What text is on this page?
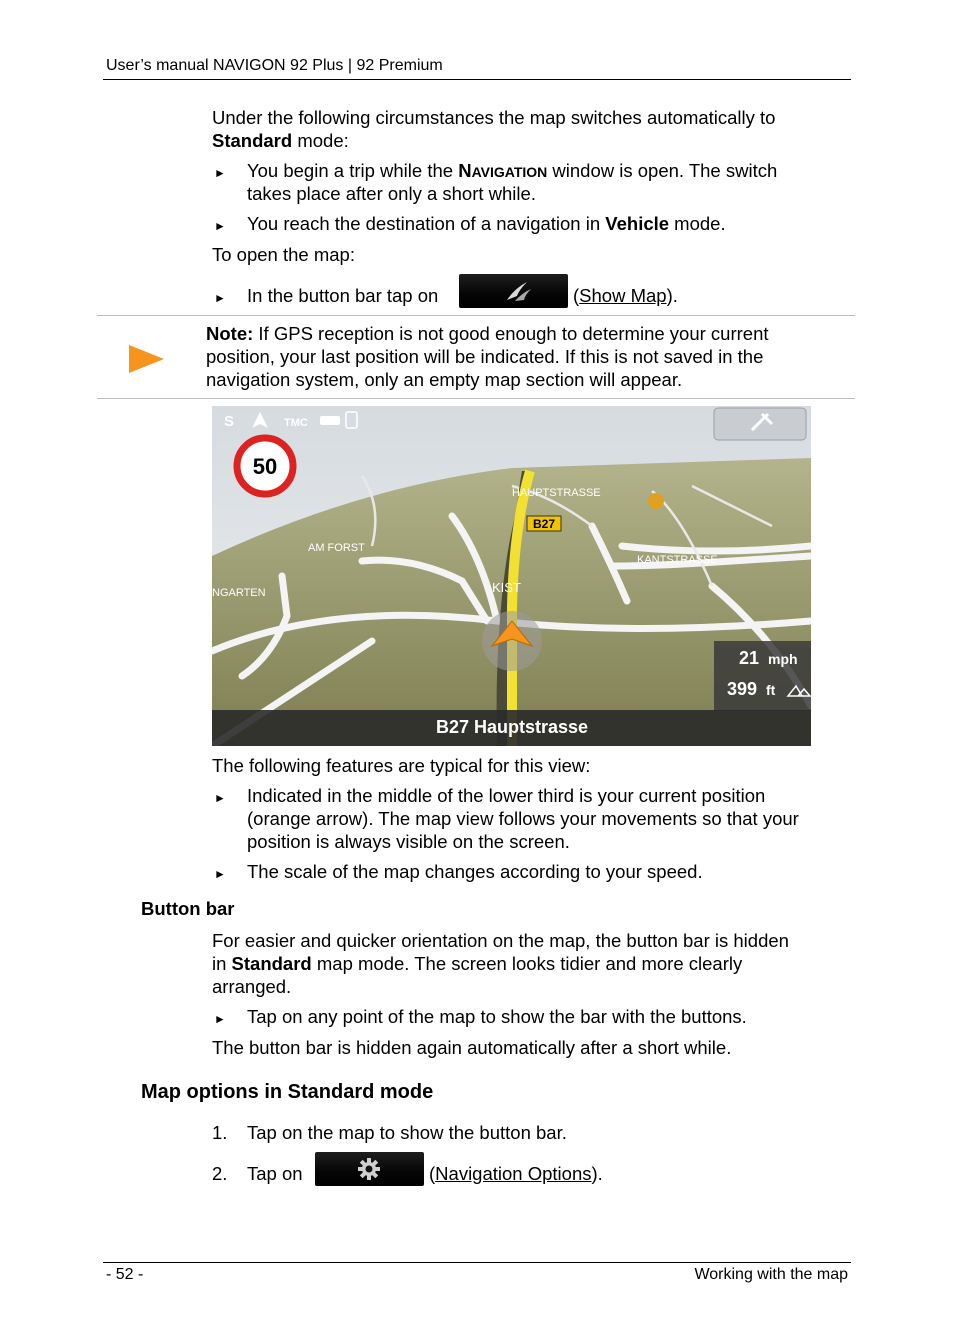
User’s manual NAVIGON 92 Plus | 92 Premium
Under the following circumstances the map switches automatically to
Standard mode:
► You begin a trip while the NAVIGATION window is open. The switch
takes place after only a short while.
► You reach the destination of a navigation in Vehicle mode.
To open the map:
► In the button bar tap on	(Show Map).
Note: If GPS reception is not good enough to determine your current
position, your last position will be indicated. If this is not saved in the
navigation system, only an empty map section will appear.
S	TMC
50
HAUPTSTRASSE
B27
AM FORST
KANTSTRASSE
KIST
NGARTEN
21 mph
399 ft
B27 Hauptstrasse
The following features are typical for this view:
► Indicated in the middle of the lower third is your current position
(orange arrow). The map view follows your movements so that your
position is always visible on the screen.
► The scale of the map changes according to your speed.
Button bar
For easier and quicker orientation on the map, the button bar is hidden
in Standard map mode. The screen looks tidier and more clearly
arranged.
► Tap on any point of the map to show the bar with the buttons.
The button bar is hidden again automatically after a short while.
Map options in Standard mode
1. Tap on the map to show the button bar.
2. Tap on	(Navigation Options).
- 52 -	Working with the map
